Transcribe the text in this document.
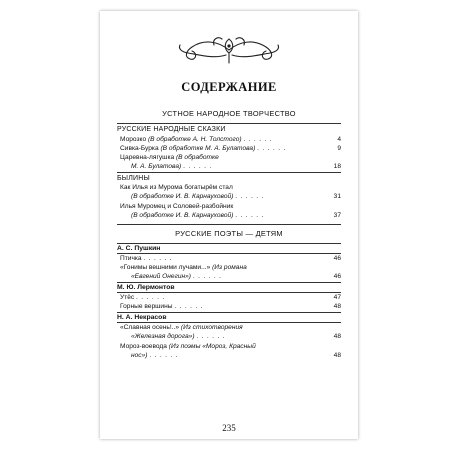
СОДЕРЖАНИЕ
УСТНОЕ НАРОДНОЕ ТВОРЧЕСТВО
РУССКИЕ НАРОДНЫЕ СКАЗКИ
Морозко (В обработке А. Н. Толстого) . . . . . .	4
Сивка-Бурка (В обработке М. А. Булатова) . . . . . .	9
Царевна-лягушка (В обработке
М. А. Булатова) . . . . . .	18
БЫЛИНЫ
Как Илья из Мурома богатырём стал
(В обработке И. В. Карнауховой) . . . . . .	31
Илья Муромец и Соловей-разбойник
(В обработке И. В. Карнауховой) . . . . . .	37
РУССКИЕ ПОЭТЫ — ДЕТЯМ
А. С. Пушкин
Птичка . . . . . .	46
«Гонимы вешними лучами...» (Из романа
«Евгений Онегин») . . . . . .	46
М. Ю. Лермонтов
Утёс . . . . . .	47
Горные вершины . . . . . .	48
Н. А. Некрасов
«Славная осень!..» (Из стихотворения
«Железная дорога») . . . . . .	48
Мороз-воевода (Из поэмы «Мороз, Красный
нос») . . . . . .	48
235
